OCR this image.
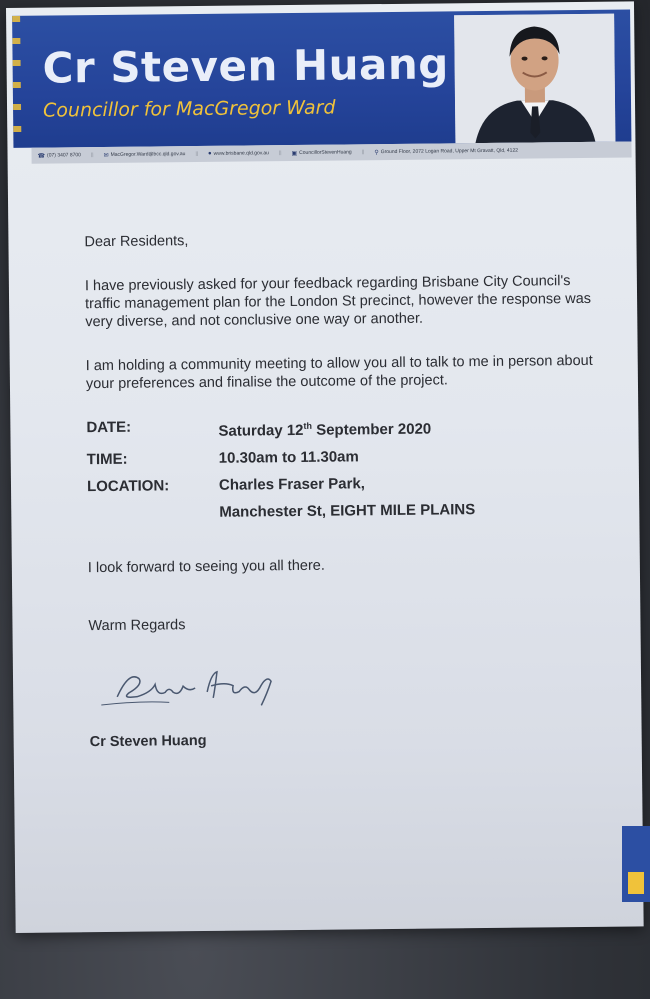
Cr Steven Huang
Councillor for MacGregor Ward
☎ (07) 3407 8700 || ✉ MacGregor.Ward@bcc.qld.gov.au || ● www.brisbane.qld.gov.au || ▣ CouncillorStevenHuang || ⚲ Ground Floor, 2072 Logan Road, Upper Mt Gravatt, Qld, 4122

Dear Residents,

I have previously asked for your feedback regarding Brisbane City Council's traffic management plan for the London St precinct, however the response was very diverse, and not conclusive one way or another.

I am holding a community meeting to allow you all to talk to me in person about your preferences and finalise the outcome of the project.

DATE:	Saturday 12th September 2020
TIME:	10.30am to 11.30am
LOCATION:	Charles Fraser Park,
Manchester St, EIGHT MILE PLAINS

I look forward to seeing you all there.

Warm Regards

Cr Steven Huang
